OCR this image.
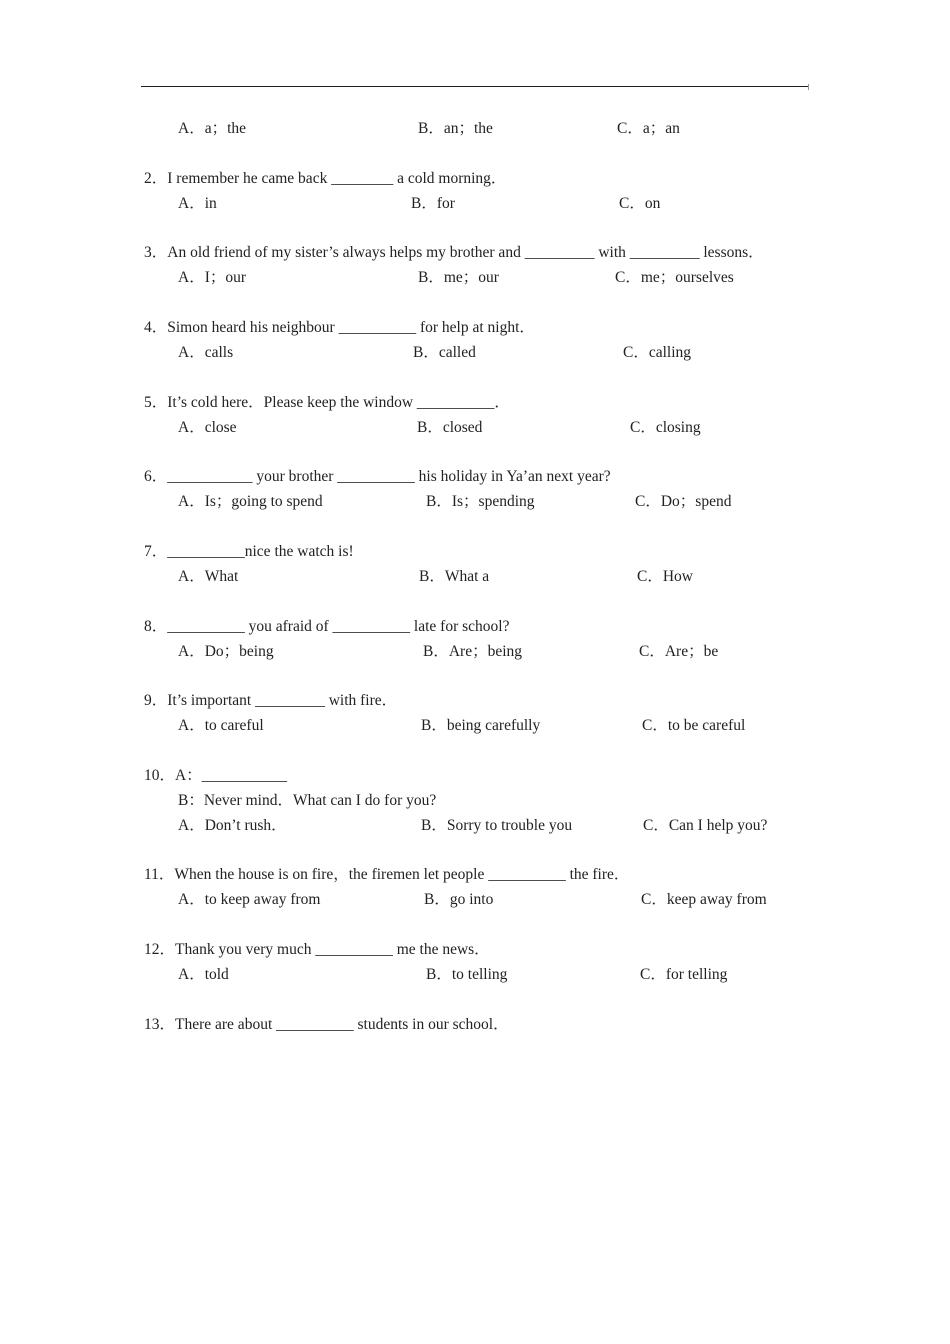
A．a；the	B．an；the	C．a；an
2．I remember he came back ________ a cold morning．
A．in	B．for	C．on
3．An old friend of my sister’s always helps my brother and _________ with _________ lessons．
A．I；our	B．me；our	C．me；ourselves
4．Simon heard his neighbour __________ for help at night．
A．calls	B．called	C．calling
5．It’s cold here．Please keep the window __________．
A．close	B．closed	C．closing
6．___________ your brother __________ his holiday in Ya’an next year?
A．Is；going to spend	B．Is；spending	C．Do；spend
7．__________nice the watch is!
A．What	B．What a	C．How
8．__________ you afraid of __________ late for school?
A．Do；being	B．Are；being	C．Are；be
9．It’s important _________ with fire．
A．to careful	B．being carefully	C．to be careful
10．A：___________
B：Never mind．What can I do for you?
A．Don’t rush．	B．Sorry to trouble you	C．Can I help you?
11．When the house is on fire，the firemen let people __________ the fire．
A．to keep away from	B．go into	C．keep away from
12．Thank you very much __________ me the news．
A．told	B．to telling	C．for telling
13．There are about __________ students in our school．
